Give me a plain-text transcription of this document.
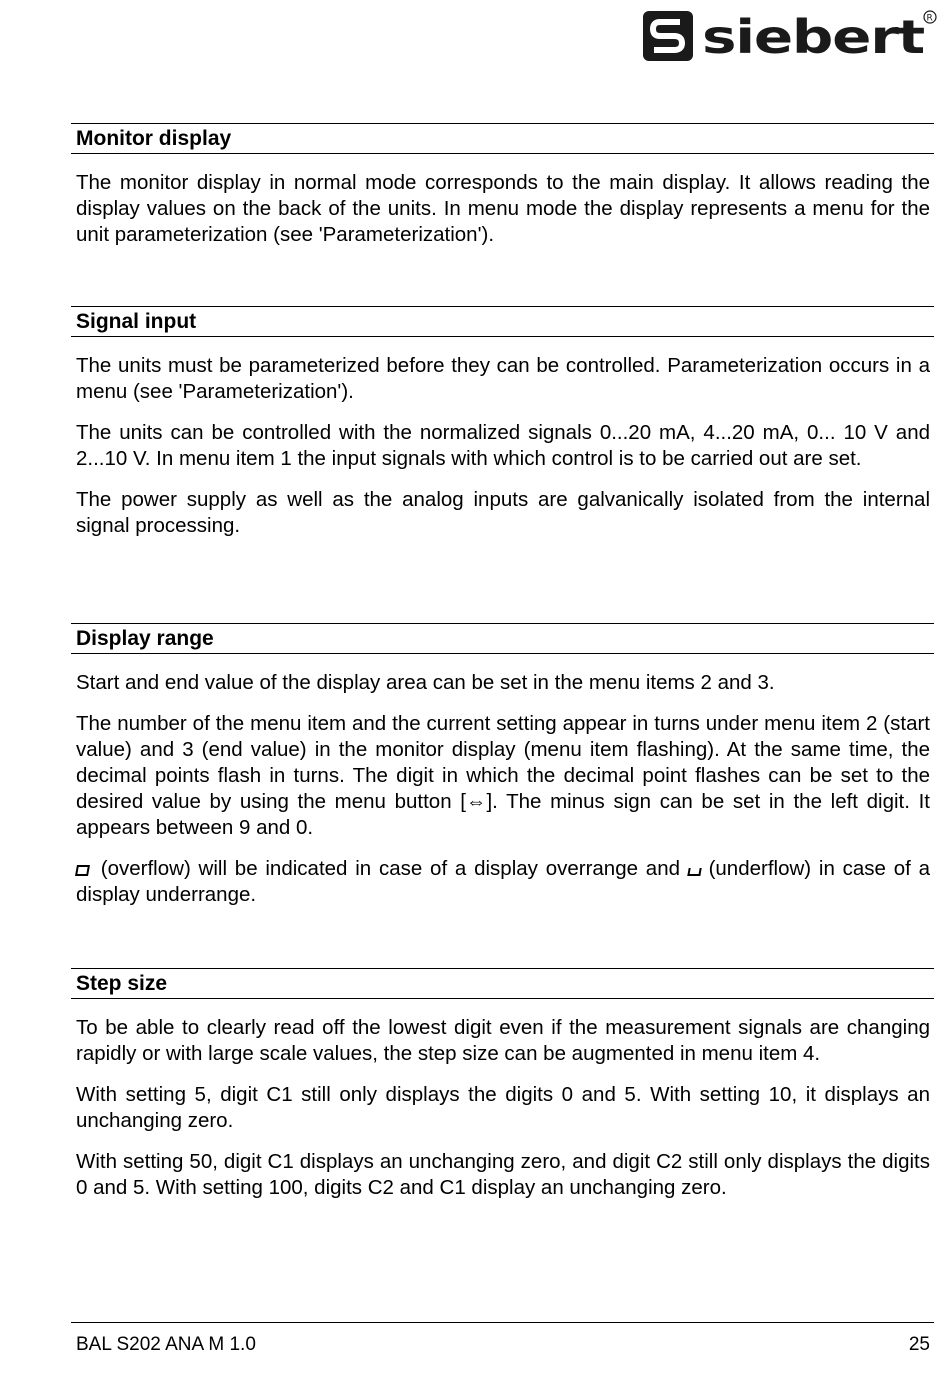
siebert R
Monitor display

The monitor display in normal mode corresponds to the main display. It allows reading the display values on the back of the units. In menu mode the display represents a menu for the unit parameterization (see 'Parameterization').

Signal input

The units must be parameterized before they can be controlled. Parameterization occurs in a menu (see 'Parameterization').

The units can be controlled with the normalized signals 0...20 mA, 4...20 mA, 0... 10 V and 2...10 V. In menu item 1 the input signals with which control is to be carried out are set.

The power supply as well as the analog inputs are galvanically isolated from the internal signal processing.

Display range

Start and end value of the display area can be set in the menu items 2 and 3.

The number of the menu item and the current setting appear in turns under menu item 2 (start value) and 3 (end value) in the monitor display (menu item flashing). At the same time, the decimal points flash in turns. The digit in which the decimal point flashes can be set to the desired value by using the menu button [⇔]. The minus sign can be set in the left digit. It appears between 9 and 0.

(overflow) will be indicated in case of a display overrange and (underflow) in case of a display underrange.

Step size

To be able to clearly read off the lowest digit even if the measurement signals are changing rapidly or with large scale values, the step size can be augmented in menu item 4.

With setting 5, digit C1 still only displays the digits 0 and 5. With setting 10, it displays an unchanging zero.

With setting 50, digit C1 displays an unchanging zero, and digit C2 still only displays the digits 0 and 5. With setting 100, digits C2 and C1 display an unchanging zero.

BAL S202 ANA M 1.0	25
